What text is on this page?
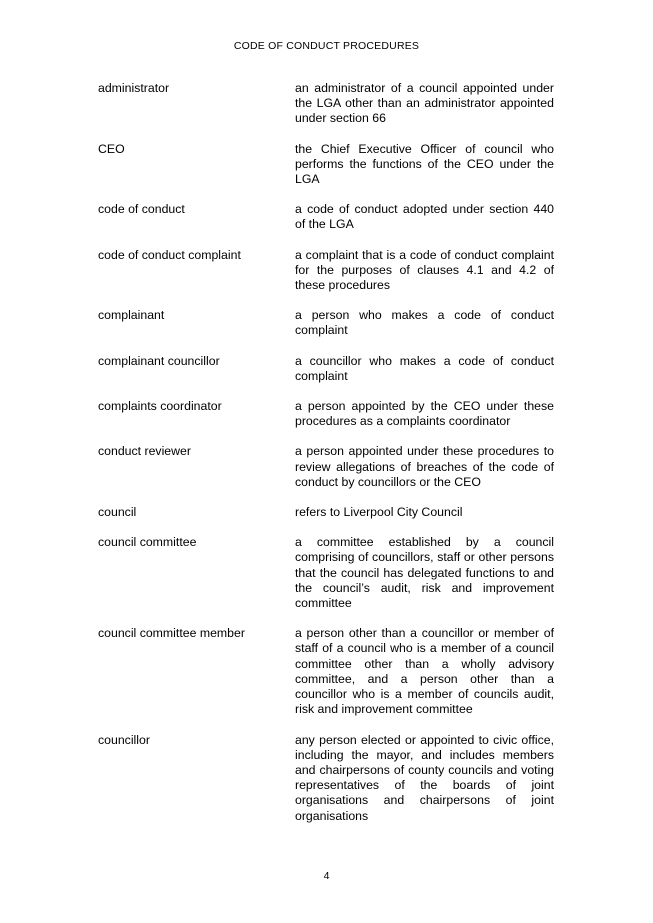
CODE OF CONDUCT PROCEDURES
administrator	an administrator of a council appointed under the LGA other than an administrator appointed under section 66
CEO	the Chief Executive Officer of council who performs the functions of the CEO under the LGA
code of conduct	a code of conduct adopted under section 440 of the LGA
code of conduct complaint	a complaint that is a code of conduct complaint for the purposes of clauses 4.1 and 4.2 of these procedures
complainant	a person who makes a code of conduct complaint
complainant councillor	a councillor who makes a code of conduct complaint
complaints coordinator	a person appointed by the CEO under these procedures as a complaints coordinator
conduct reviewer	a person appointed under these procedures to review allegations of breaches of the code of conduct by councillors or the CEO
council	refers to Liverpool City Council
council committee	a committee established by a council comprising of councillors, staff or other persons that the council has delegated functions to and the council’s audit, risk and improvement committee
council committee member	a person other than a councillor or member of staff of a council who is a member of a council committee other than a wholly advisory committee, and a person other than a councillor who is a member of councils audit, risk and improvement committee
councillor	any person elected or appointed to civic office, including the mayor, and includes members and chairpersons of county councils and voting representatives of the boards of joint organisations and chairpersons of joint organisations
4
